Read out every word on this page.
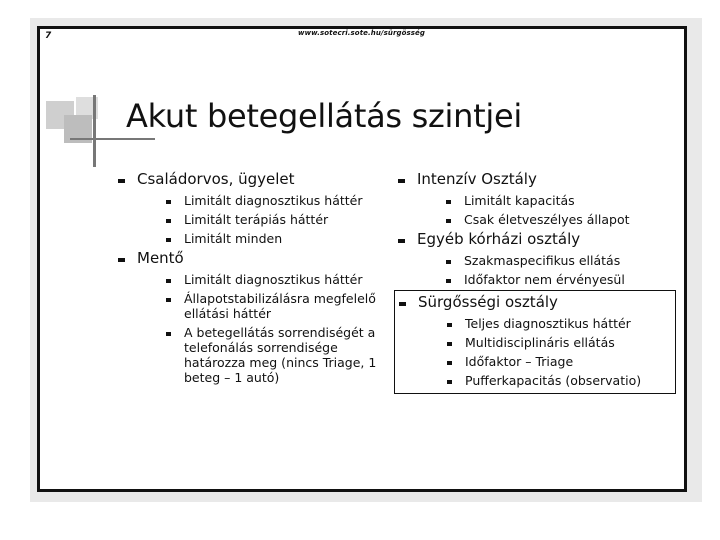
7	www.sotecri.sote.hu/sürgösség
Akut betegellátás szintjei
Családorvos, ügyelet
Limitált diagnosztikus háttér
Limitált terápiás háttér
Limitált minden
Mentő
Limitált diagnosztikus háttér
Állapotstabilizálásra megfelelő ellátási háttér
A betegellátás sorrendiségét a telefonálás sorrendisége határozza meg (nincs Triage, 1 beteg – 1 autó)
Intenzív Osztály
Limitált kapacitás
Csak életveszélyes állapot
Egyéb kórházi osztály
Szakmaspecifikus ellátás
Időfaktor nem érvényesül
Sürgősségi osztály
Teljes diagnosztikus háttér
Multidisciplináris ellátás
Időfaktor – Triage
Pufferkapacitás (observatio)
